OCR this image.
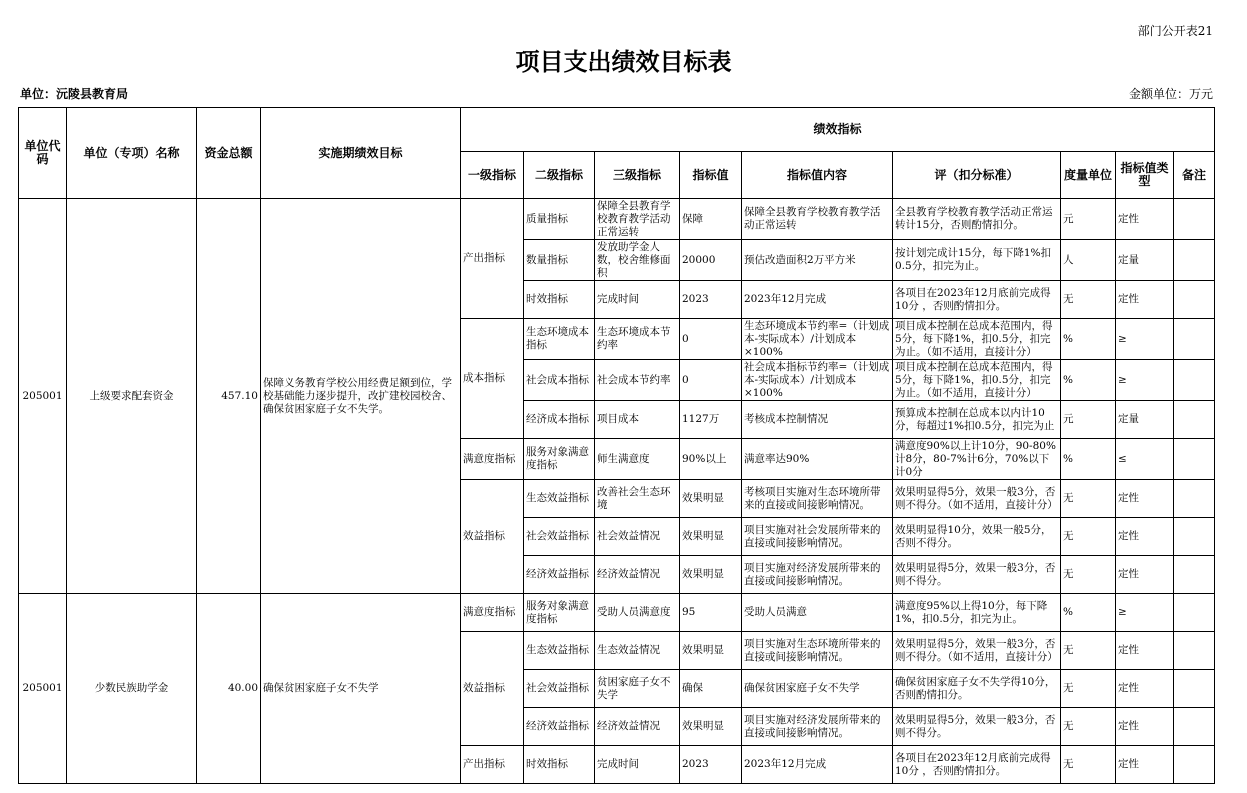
部门公开表21
项目支出绩效目标表
单位：沅陵县教育局	金额单位：万元
单位代码	单位（专项）名称	资金总额	实施期绩效目标	绩效指标								
				一级指标	二级指标	三级指标	指标值	指标值内容	评（扣分标准）	度量单位	指标值类型	备注
205001	上级要求配套资金	457.10	保障义务教育学校公用经费足额到位，学校基础能力逐步提升，改扩建校园校舍、确保贫困家庭子女不失学。	产出指标	质量指标	保障全县教育学校教育教学活动正常运转	保障	保障全县教育学校教育教学活动正常运转	全县教育学校教育教学活动正常运转计15分，否则酌情扣分。	元	定性	

					数量指标	发放助学金人数，校舍维修面积	20000	预估改造面积2万平方米	按计划完成计15分，每下降1%扣0.5分，扣完为止。	人	定量	

					时效指标	完成时间	2023	2023年12月完成	各项目在2023年12月底前完成得10分 ，否则酌情扣分。	无	定性	

				成本指标	生态环境成本指标	生态环境成本节约率	0	生态环境成本节约率=（计划成本-实际成本）/计划成本×100%	项目成本控制在总成本范围内，得5分，每下降1%，扣0.5分，扣完为止。（如不适用，直接计分）	%	≥	

					社会成本指标	社会成本节约率	0	社会成本指标节约率=（计划成本-实际成本）/计划成本×100%	项目成本控制在总成本范围内，得5分，每下降1%，扣0.5分，扣完为止。（如不适用，直接计分）	%	≥	

					经济成本指标	项目成本	1127万	考核成本控制情况	预算成本控制在总成本以内计10分，每超过1%扣0.5分，扣完为止	元	定量	

				满意度指标	服务对象满意度指标	师生满意度	90%以上	满意率达90%	满意度90%以上计10分，90-80%计8分，80-7%计6分，70%以下计0分	%	≤	

				效益指标	生态效益指标	改善社会生态环境	效果明显	考核项目实施对生态环境所带来的直接或间接影响情况。	效果明显得5分，效果一般3分，否则不得分。（如不适用，直接计分）	无	定性	

					社会效益指标	社会效益情况	效果明显	项目实施对社会发展所带来的直接或间接影响情况。	效果明显得10分，效果一般5分，否则不得分。	无	定性	

					经济效益指标	经济效益情况	效果明显	项目实施对经济发展所带来的直接或间接影响情况。	效果明显得5分，效果一般3分，否则不得分。	无	定性	

205001	少数民族助学金	40.00	确保贫困家庭子女不失学	满意度指标	服务对象满意度指标	受助人员满意度	95	受助人员满意	满意度95%以上得10分，每下降1%，扣0.5分，扣完为止。	%	≥	

				效益指标	生态效益指标	生态效益情况	效果明显	项目实施对生态环境所带来的直接或间接影响情况。	效果明显得5分，效果一般3分，否则不得分。（如不适用，直接计分）	无	定性	

					社会效益指标	贫困家庭子女不失学	确保	确保贫困家庭子女不失学	确保贫困家庭子女不失学得10分，否则酌情扣分。	无	定性	

					经济效益指标	经济效益情况	效果明显	项目实施对经济发展所带来的直接或间接影响情况。	效果明显得5分，效果一般3分，否则不得分。	无	定性	

				产出指标	时效指标	完成时间	2023	2023年12月完成	各项目在2023年12月底前完成得10分 ，否则酌情扣分。	无	定性	
